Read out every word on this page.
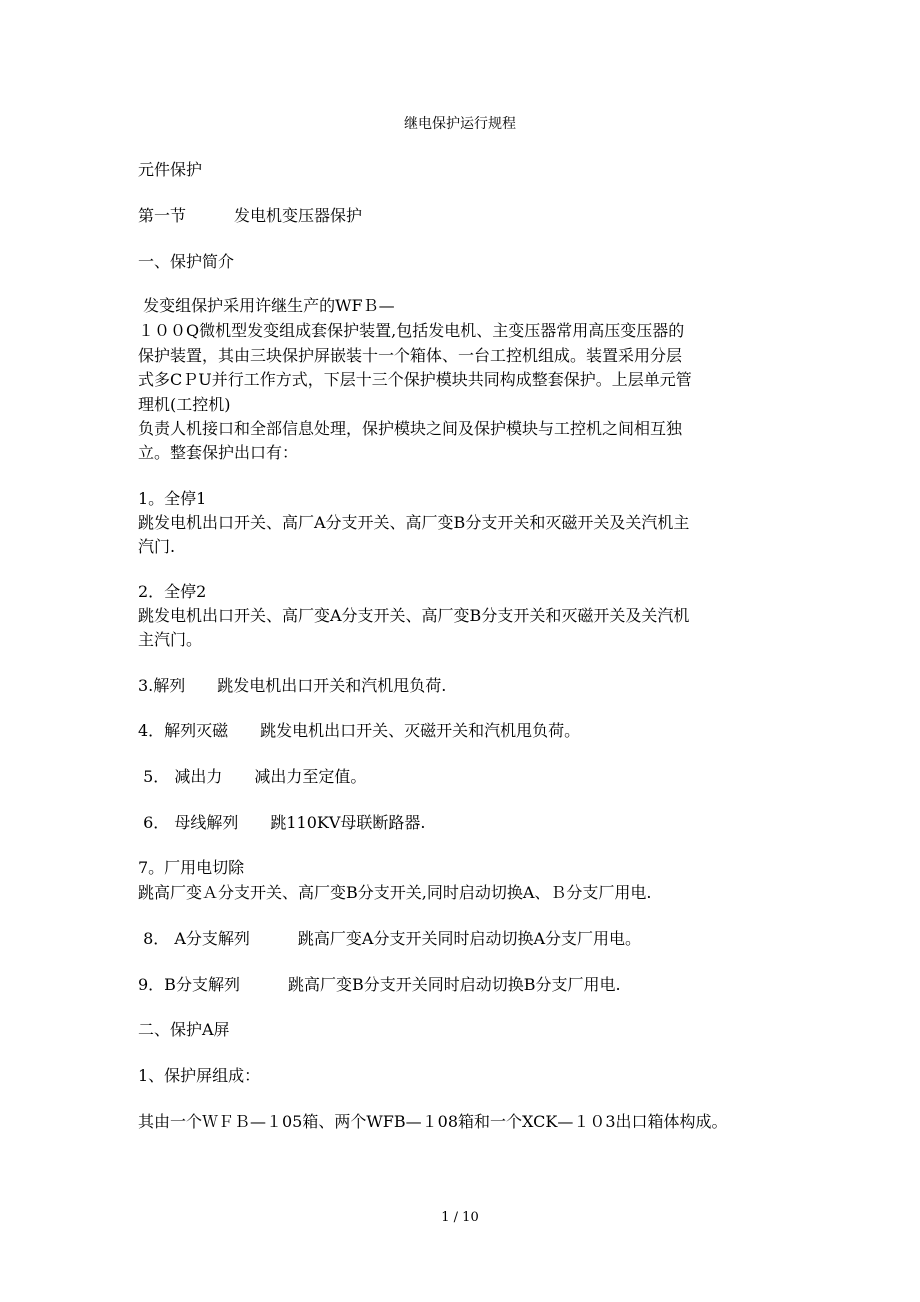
继电保护运行规程
元件保护
第一节　　　发电机变压器保护
一、保护简介
发变组保护采用许继生产的WFＢ—
１００Q微机型发变组成套保护装置,包括发电机、主变压器常用高压变压器的
保护装置，其由三块保护屏嵌装十一个箱体、一台工控机组成。装置采用分层
式多CＰU并行工作方式，下层十三个保护模块共同构成整套保护。上层单元管
理机(工控机)
负责人机接口和全部信息处理，保护模块之间及保护模块与工控机之间相互独
立。整套保护出口有：
1。全停1
跳发电机出口开关、高厂A分支开关、高厂变B分支开关和灭磁开关及关汽机主
汽门.
2．全停2
跳发电机出口开关、高厂变A分支开关、高厂变B分支开关和灭磁开关及关汽机
主汽门。
3.解列　　跳发电机出口开关和汽机甩负荷.
4．解列灭磁　　跳发电机出口开关、灭磁开关和汽机甩负荷。
5． 减出力　　减出力至定值。
6． 母线解列　　跳110KV母联断路器.
7。厂用电切除
跳高厂变Ａ分支开关、高厂变B分支开关,同时启动切换A、Ｂ分支厂用电.
8． A分支解列　　　跳高厂变A分支开关同时启动切换A分支厂用电。
9．B分支解列　　　跳高厂变B分支开关同时启动切换B分支厂用电.
二、保护A屏
1、保护屏组成：
其由一个ＷＦＢ—１05箱、两个WFB—１08箱和一个XCK—１０3出口箱体构成。
1 / 10
